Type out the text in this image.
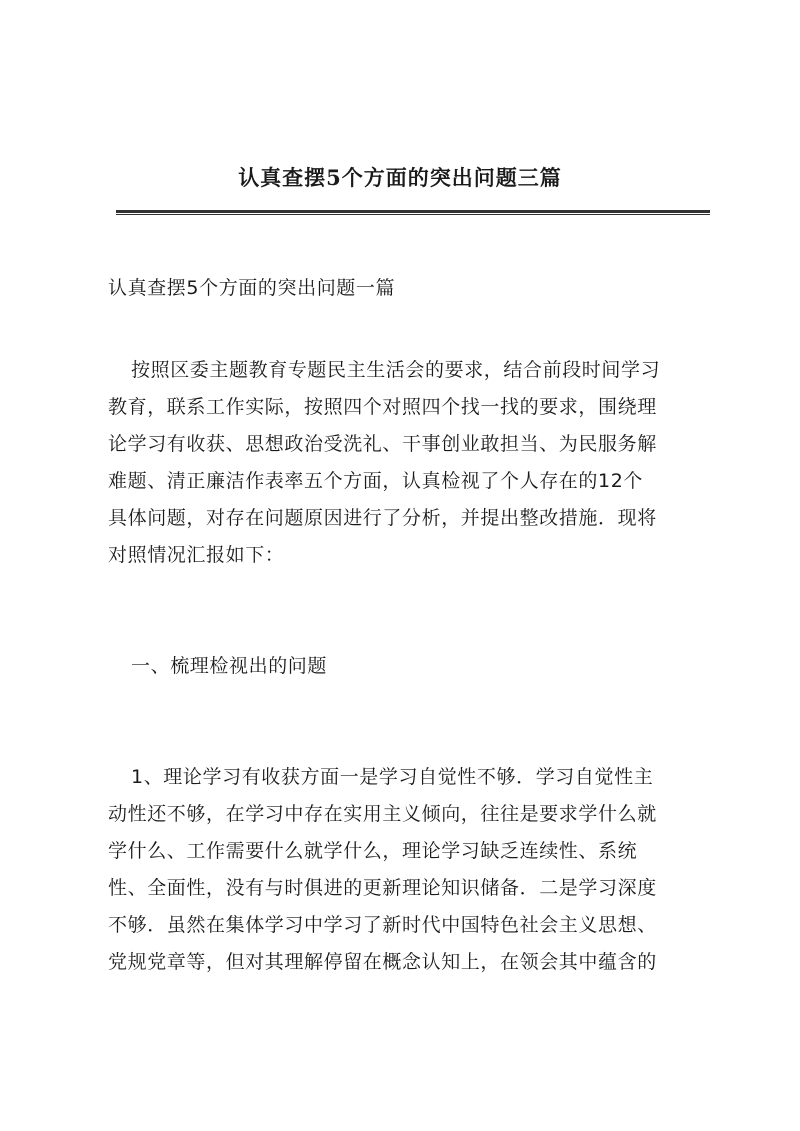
认真查摆5个方面的突出问题三篇
认真查摆5个方面的突出问题一篇
按照区委主题教育专题民主生活会的要求，结合前段时间学习
教育，联系工作实际，按照四个对照四个找一找的要求，围绕理
论学习有收获、思想政治受洗礼、干事创业敢担当、为民服务解
难题、清正廉洁作表率五个方面，认真检视了个人存在的12个
具体问题，对存在问题原因进行了分析，并提出整改措施．现将
对照情况汇报如下：
一、梳理检视出的问题
1、理论学习有收获方面一是学习自觉性不够．学习自觉性主
动性还不够，在学习中存在实用主义倾向，往往是要求学什么就
学什么、工作需要什么就学什么，理论学习缺乏连续性、系统
性、全面性，没有与时俱进的更新理论知识储备．二是学习深度
不够．虽然在集体学习中学习了新时代中国特色社会主义思想、
党规党章等，但对其理解停留在概念认知上，在领会其中蕴含的
